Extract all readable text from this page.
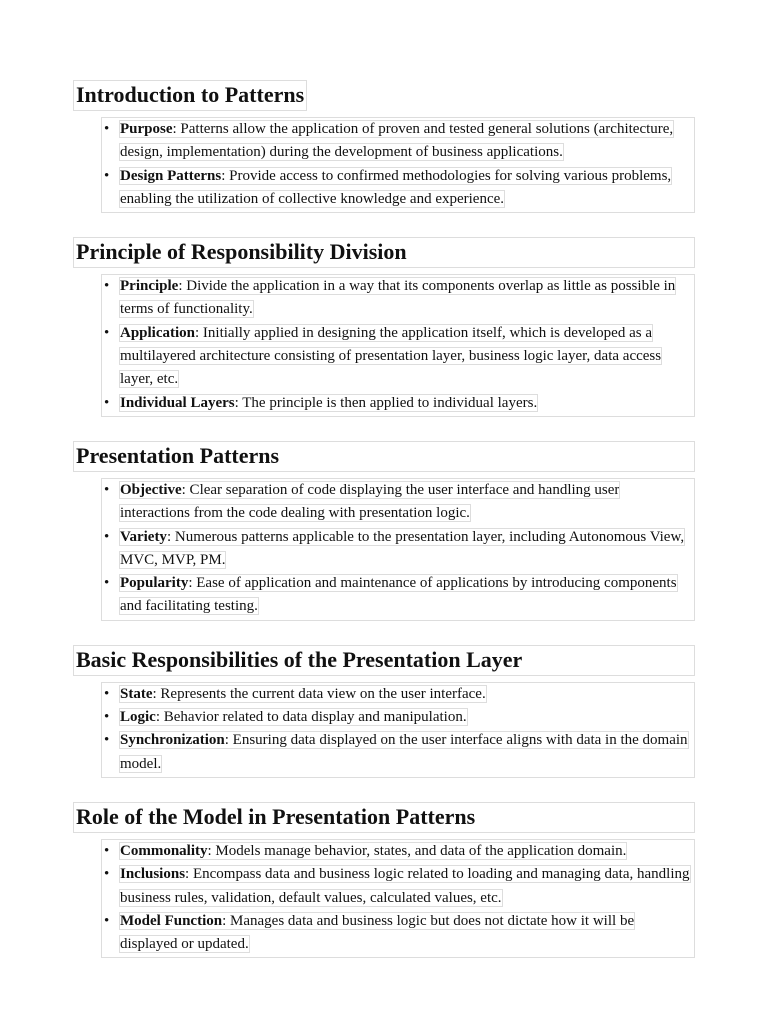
Introduction to Patterns
• Purpose: Patterns allow the application of proven and tested general solutions (architecture, design, implementation) during the development of business applications.
• Design Patterns: Provide access to confirmed methodologies for solving various problems, enabling the utilization of collective knowledge and experience.
Principle of Responsibility Division
• Principle: Divide the application in a way that its components overlap as little as possible in terms of functionality.
• Application: Initially applied in designing the application itself, which is developed as a multilayered architecture consisting of presentation layer, business logic layer, data access layer, etc.
• Individual Layers: The principle is then applied to individual layers.
Presentation Patterns
• Objective: Clear separation of code displaying the user interface and handling user interactions from the code dealing with presentation logic.
• Variety: Numerous patterns applicable to the presentation layer, including Autonomous View, MVC, MVP, PM.
• Popularity: Ease of application and maintenance of applications by introducing components and facilitating testing.
Basic Responsibilities of the Presentation Layer
• State: Represents the current data view on the user interface.
• Logic: Behavior related to data display and manipulation.
• Synchronization: Ensuring data displayed on the user interface aligns with data in the domain model.
Role of the Model in Presentation Patterns
• Commonality: Models manage behavior, states, and data of the application domain.
• Inclusions: Encompass data and business logic related to loading and managing data, handling business rules, validation, default values, calculated values, etc.
• Model Function: Manages data and business logic but does not dictate how it will be displayed or updated.
